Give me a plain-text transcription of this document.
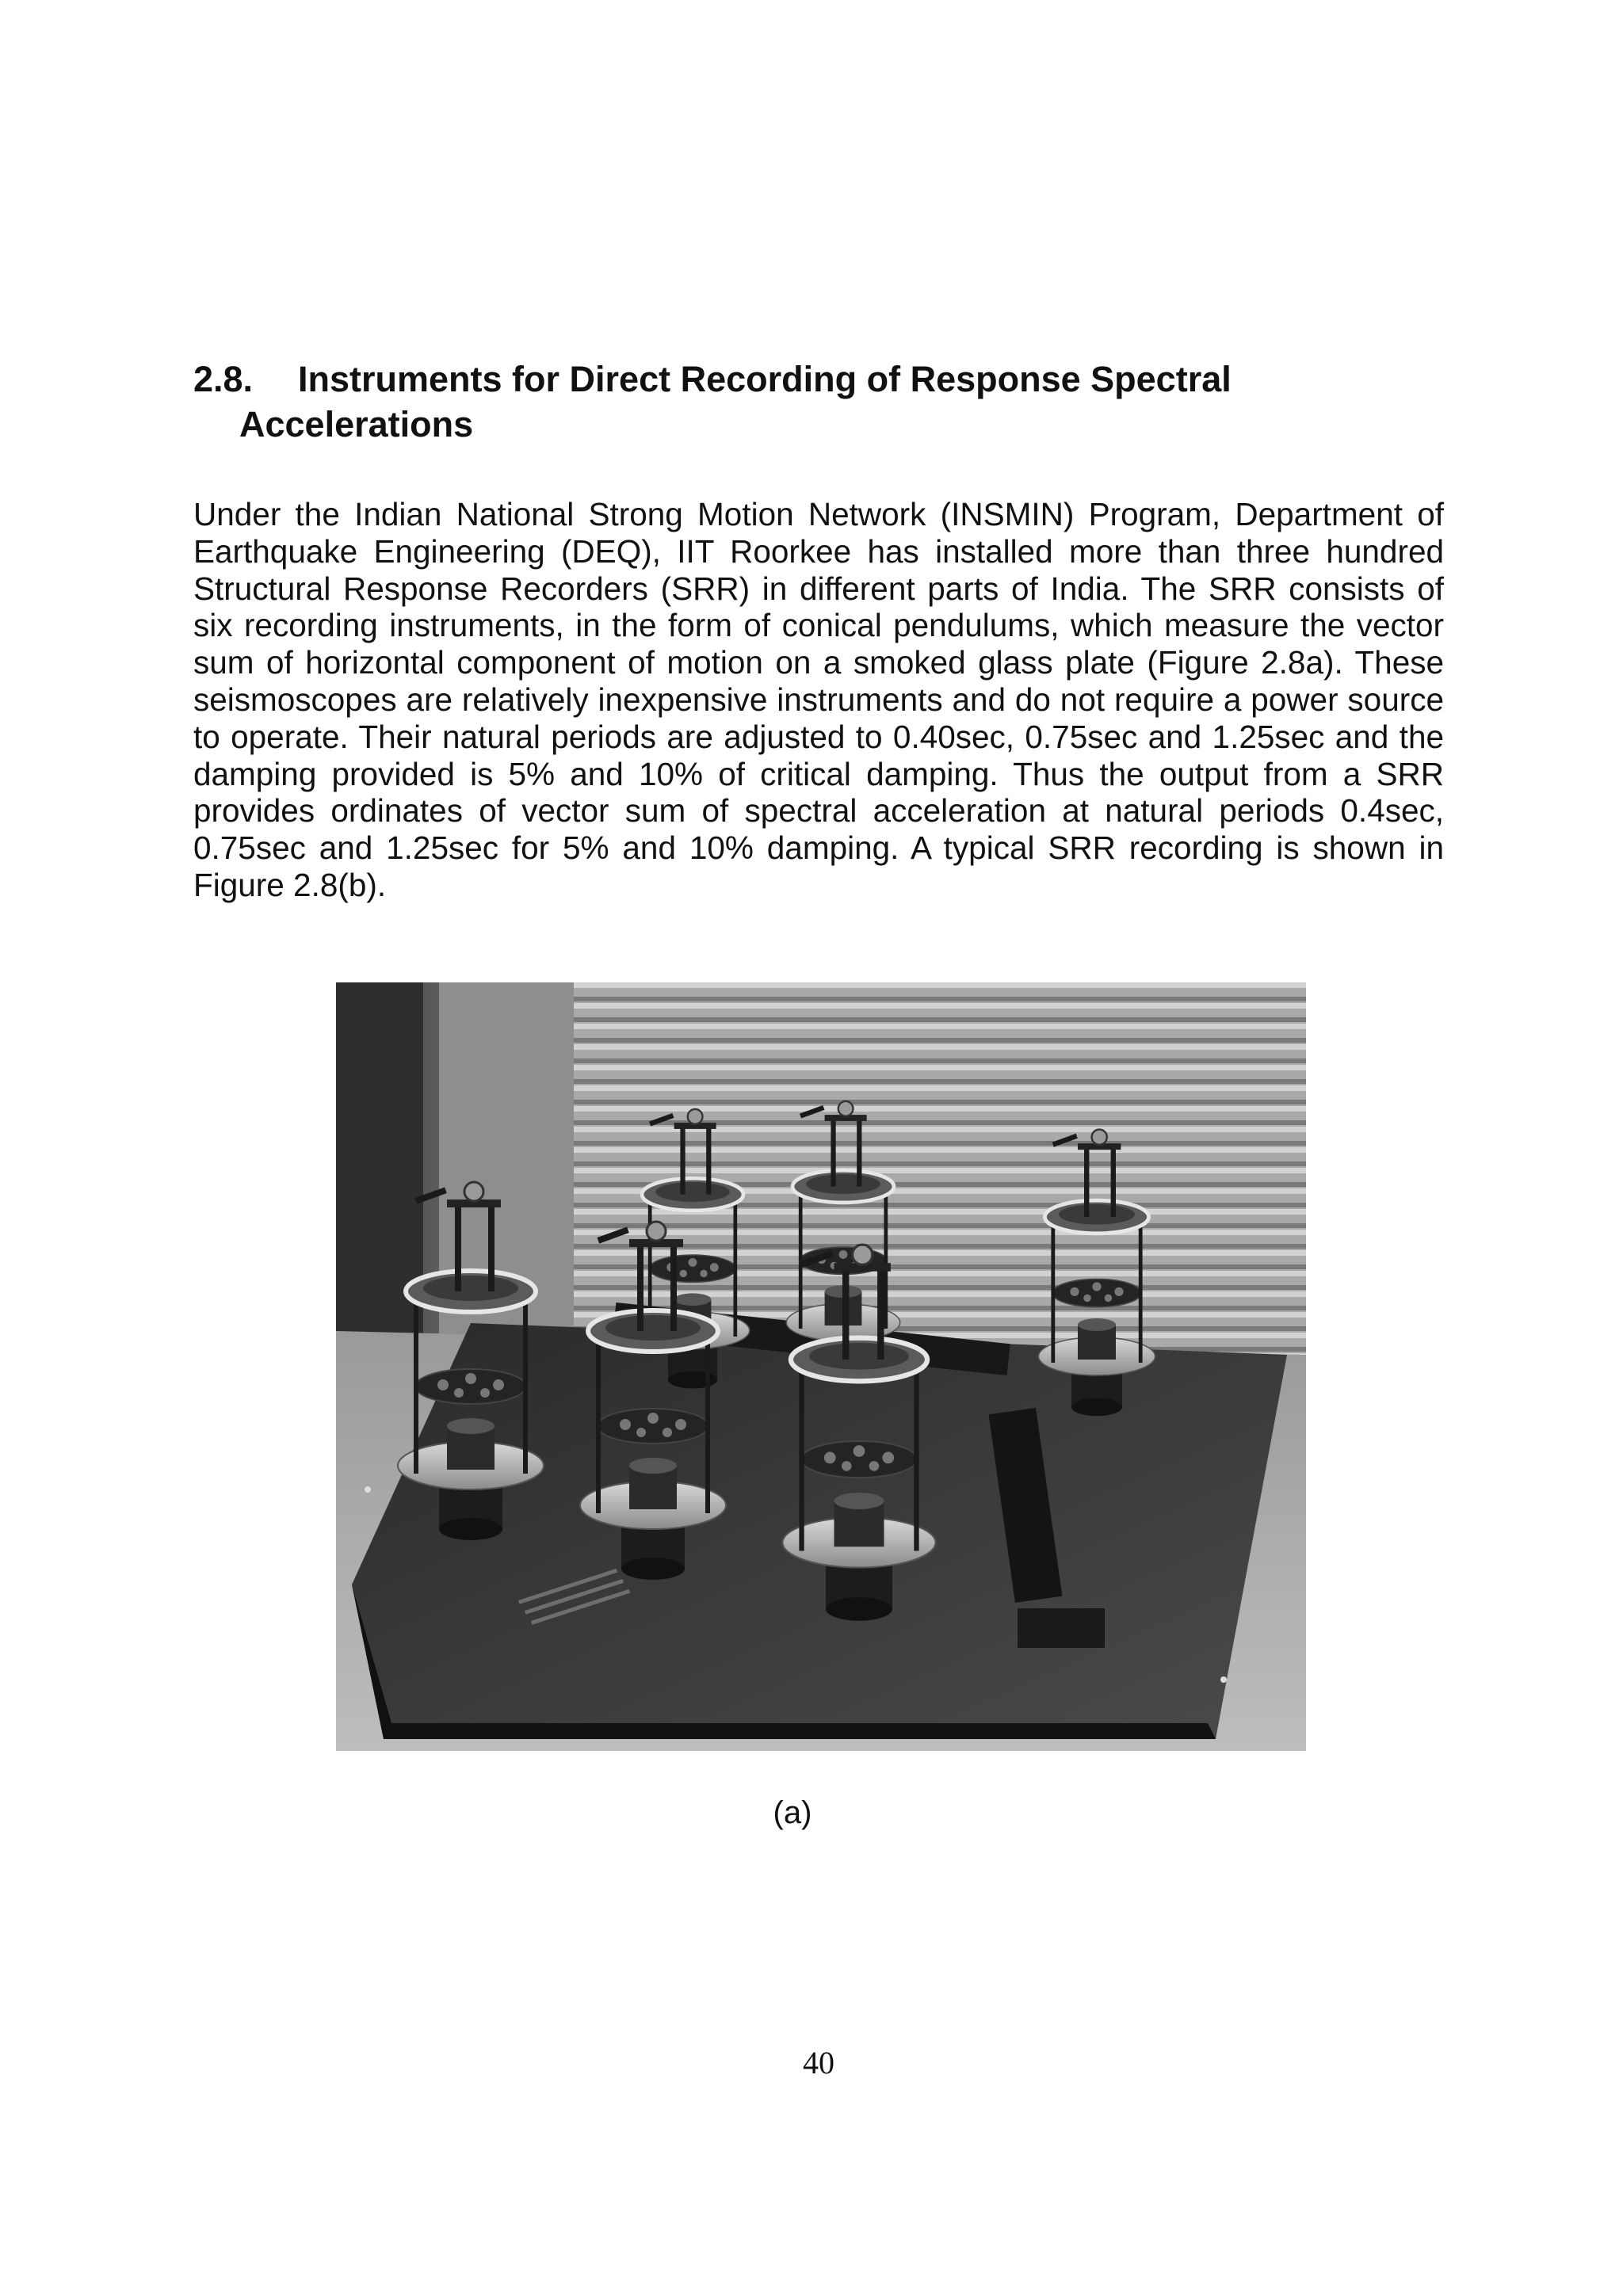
2.8. Instruments for Direct Recording of Response Spectral
Accelerations

Under the Indian National Strong Motion Network (INSMIN) Program, Department of Earthquake Engineering (DEQ), IIT Roorkee has installed more than three hundred Structural Response Recorders (SRR) in different parts of India. The SRR consists of six recording instruments, in the form of conical pendulums, which measure the vector sum of horizontal component of motion on a smoked glass plate (Figure 2.8a). These seismoscopes are relatively inexpensive instruments and do not require a power source to operate. Their natural periods are adjusted to 0.40sec, 0.75sec and 1.25sec and the damping provided is 5% and 10% of critical damping. Thus the output from a SRR provides ordinates of vector sum of spectral acceleration at natural periods 0.4sec, 0.75sec and 1.25sec for 5% and 10% damping. A typical SRR recording is shown in Figure 2.8(b).

(a)
40
